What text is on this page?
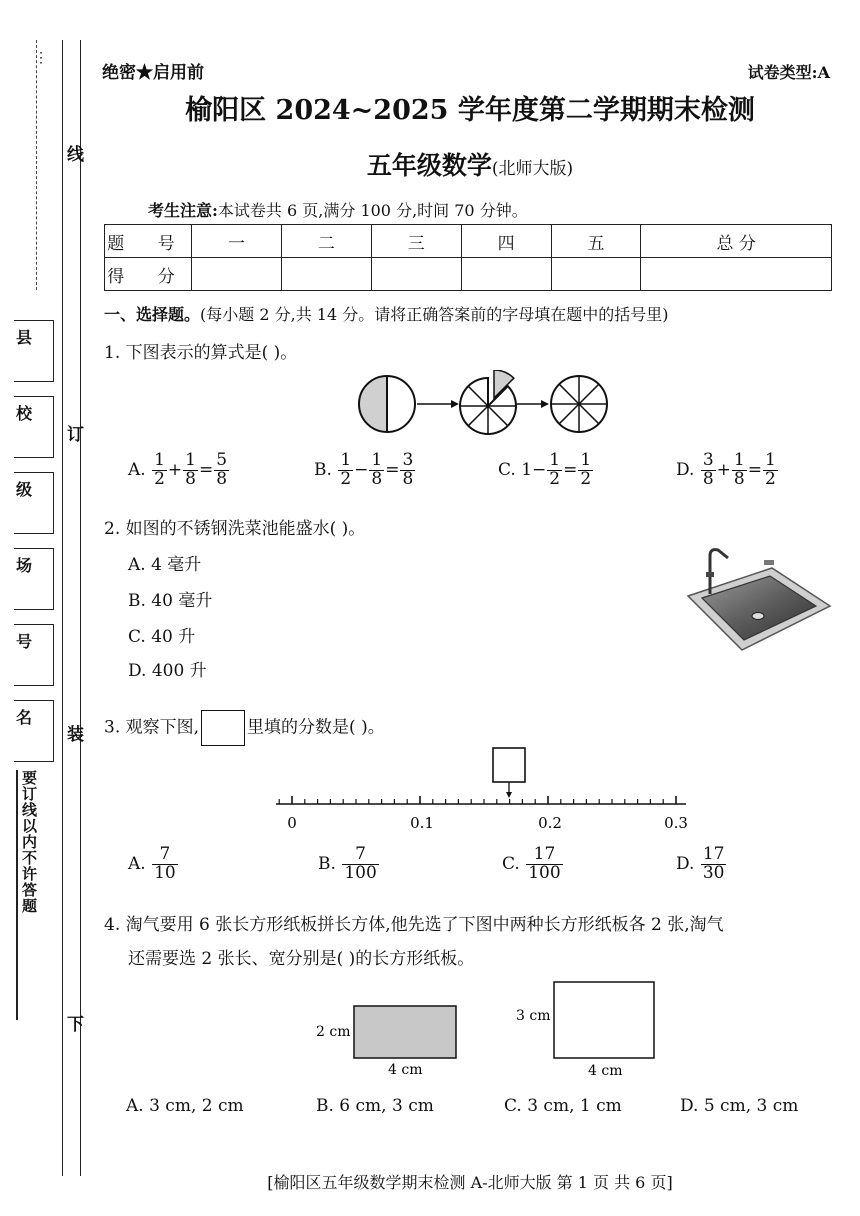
⋮
线
订
装
下
县
校
级
场
号
名
要订线以内不许答题
绝密★启用前	试卷类型:A
榆阳区 2024~2025 学年度第二学期期末检测
五年级数学(北师大版)
考生注意:本试卷共 6 页,满分 100 分,时间 70 分钟。
题 号	一	二	三	四	五	总 分
得 分						
一、选择题。(每小题 2 分,共 14 分。请将正确答案前的字母填在题中的括号里)
1. 下图表示的算式是( )。
A. $\frac{1}{2} + \frac{1}{8} = \frac{5}{8}$	B. $\frac{1}{2} - \frac{1}{8} = \frac{3}{8}$	C. $1- \frac{1}{2} = \frac{1}{2}$	D. $\frac{3}{8} + \frac{1}{8} = \frac{1}{2}$
2. 如图的不锈钢洗菜池能盛水( )。
A. 4 毫升
B. 40 毫升
C. 40 升
D. 400 升
3. 观察下图,	里填的分数是( )。
0	0.1	0.2	0.3
A. $\frac{7}{10}$	B. $\frac{7}{100}$	C. $\frac{17}{100}$	D. $\frac{17}{30}$
4. 淘气要用 6 张长方形纸板拼长方体,他先选了下图中两种长方形纸板各 2 张,淘气
还需要选 2 张长、宽分别是( )的长方形纸板。
2 cm
4 cm
3 cm
4 cm
A. 3 cm, 2 cm	B. 6 cm, 3 cm	C. 3 cm, 1 cm	D. 5 cm, 3 cm
[榆阳区五年级数学期末检测 A-北师大版 第 1 页 共 6 页]
